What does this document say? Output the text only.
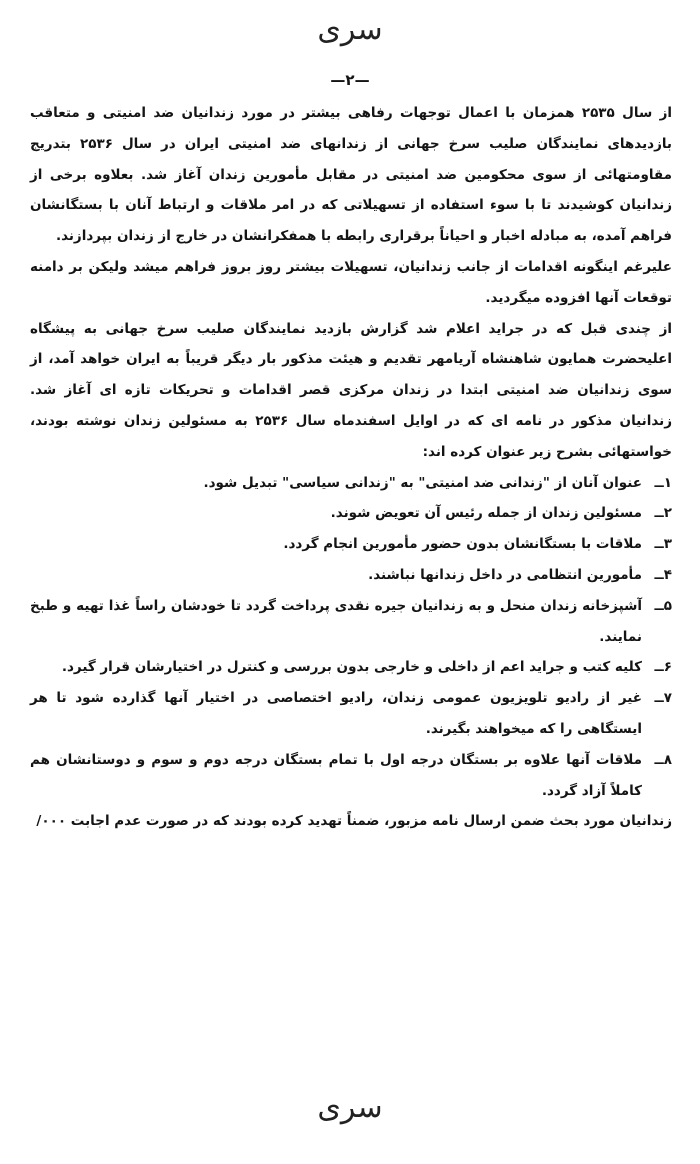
سری
—۲—

از سال ۲۵۳۵ همزمان با اعمال توجهات رفاهی بیشتر در مورد زندانیان ضد امنیتی و متعاقب بازدیدهای نمایندگان صلیب سرخ جهانی از زندانهای ضد امنیتی ایران در سال ۲۵۳۶ بتدریج مقاومتهائی از سوی محکومین ضد امنیتی در مقابل مأمورین زندان آغاز شد. بعلاوه برخی از زندانیان کوشیدند تا با سوء استفاده از تسهیلاتی که در امر ملاقات و ارتباط آنان با بستگانشان فراهم آمده، به مبادله اخبار و احیاناً برقراری رابطه با همفکرانشان در خارج از زندان بپردازند.

علیرغم اینگونه اقدامات از جانب زندانیان، تسهیلات بیشتر روز بروز فراهم میشد ولیکن بر دامنه توقعات آنها افزوده میگردید.

از چندی قبل که در جراید اعلام شد گزارش بازدید نمایندگان صلیب سرخ جهانی به پیشگاه اعلیحضرت همایون شاهنشاه آریامهر تقدیم و هیئت مذکور بار دیگر قریباً به ایران خواهد آمد، از سوی زندانیان ضد امنیتی ابتدا در زندان مرکزی قصر اقدامات و تحریکات تازه ای آغاز شد. زندانیان مذکور در نامه ای که در اوایل اسفندماه سال ۲۵۳۶ به مسئولین زندان نوشته بودند، خواستهائی بشرح زیر عنوان کرده اند:

۱ــ
عنوان آنان از "زندانی ضد امنیتی" به "زندانی سیاسی" تبدیل شود.
۲ــ
مسئولین زندان از جمله رئیس آن تعویض شوند.
۳ــ
ملاقات با بستگانشان بدون حضور مأمورین انجام گردد.
۴ــ
مأمورین انتظامی در داخل زندانها نباشند.
۵ــ
آشپزخانه زندان منحل و به زندانیان جیره نقدی پرداخت گردد تا خودشان راساً غذا تهیه و طبخ نمایند.
۶ــ
کلیه کتب و جراید اعم از داخلی و خارجی بدون بررسی و کنترل در اختیارشان قرار گیرد.
۷ــ
غیر از رادیو تلویزیون عمومی زندان، رادیو اختصاصی در اختیار آنها گذارده شود تا هر ایستگاهی را که میخواهند بگیرند.
۸ــ
ملاقات آنها علاوه بر بستگان درجه اول با تمام بستگان درجه دوم و سوم و دوستانشان هم کاملاً آزاد گردد.

زندانیان مورد بحث ضمن ارسال نامه مزبور، ضمناً تهدید کرده بودند که در صورت عدم اجابت ۰۰۰/

سری
